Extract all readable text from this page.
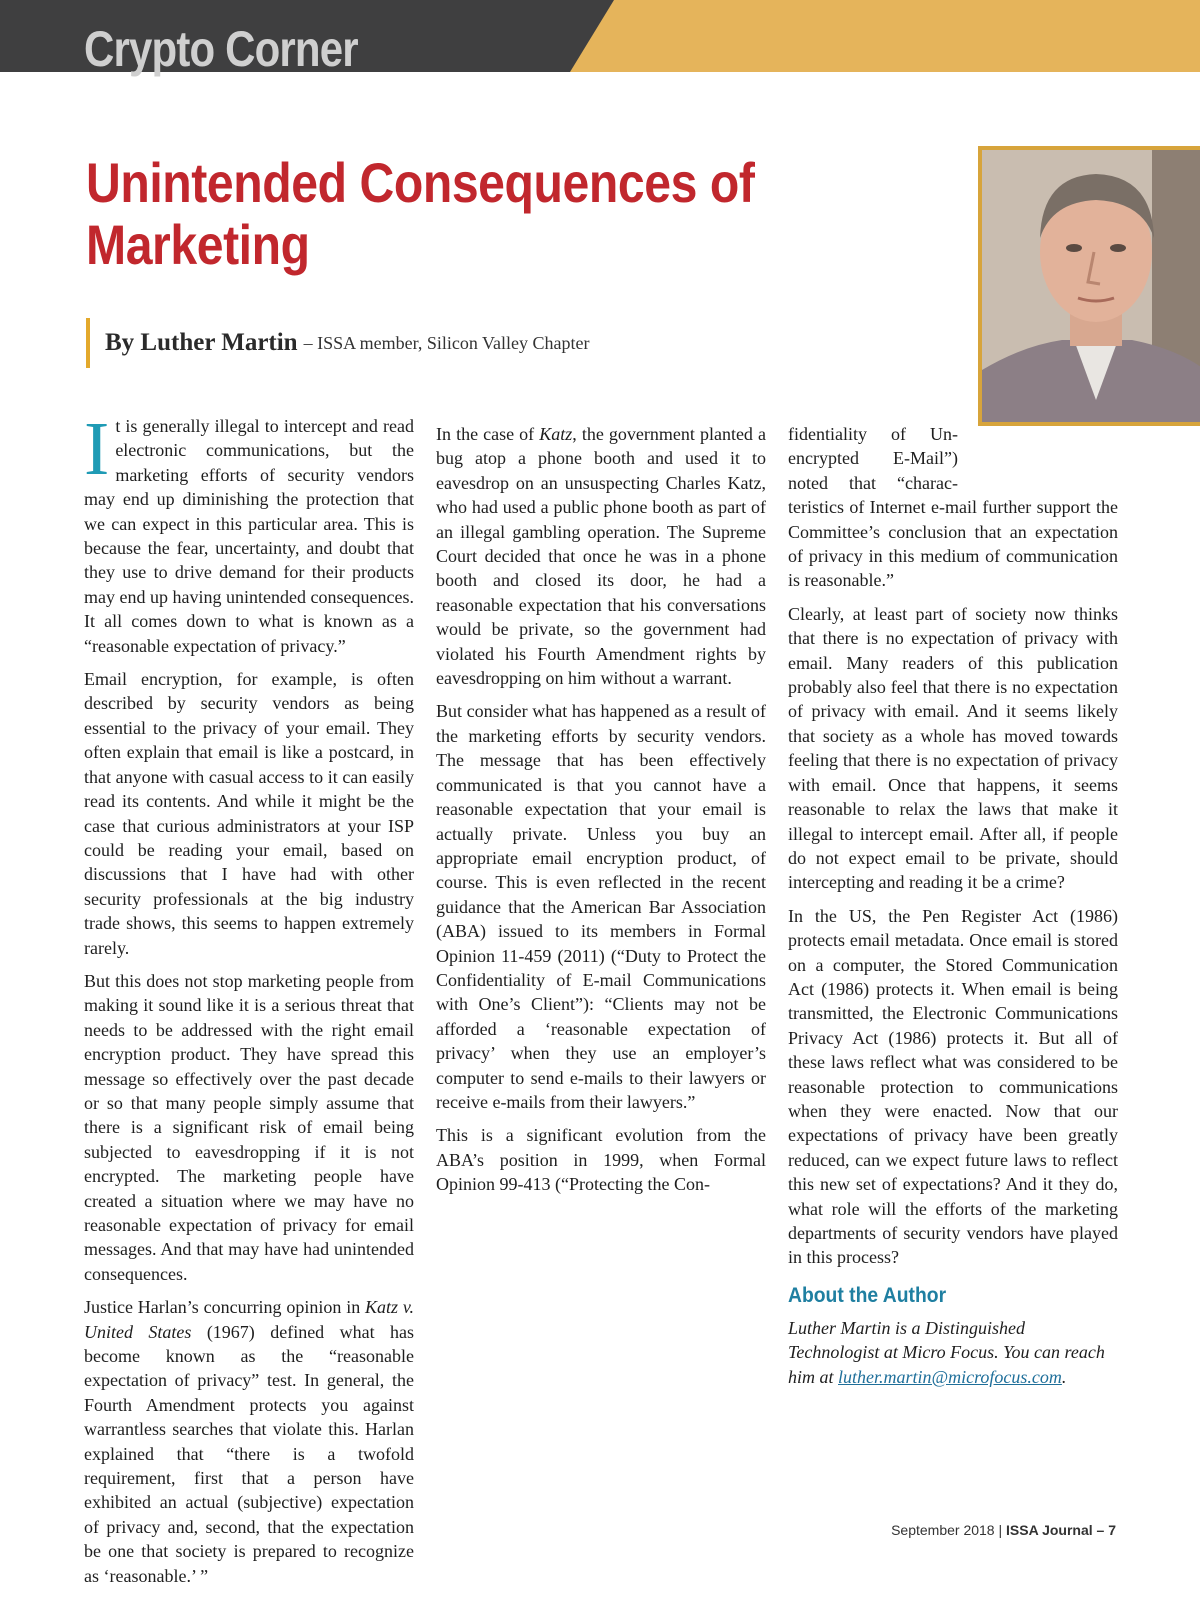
Crypto Corner
Unintended Consequences of Marketing
By Luther Martin – ISSA member, Silicon Valley Chapter

It is generally illegal to intercept and read electronic communications, but the marketing efforts of security vendors may end up diminishing the protection that we can expect in this particular area. This is because the fear, uncertainty, and doubt that they use to drive demand for their products may end up having unintended consequences. It all comes down to what is known as a “reasonable expectation of privacy.”

Email encryption, for example, is often described by security vendors as being essential to the privacy of your email. They often explain that email is like a postcard, in that anyone with casual access to it can easily read its contents. And while it might be the case that curious administrators at your ISP could be reading your email, based on discussions that I have had with other security professionals at the big industry trade shows, this seems to happen extremely rarely.

But this does not stop marketing people from making it sound like it is a serious threat that needs to be addressed with the right email encryption product. They have spread this message so effectively over the past decade or so that many people simply assume that there is a significant risk of email being subjected to eavesdropping if it is not encrypted. The marketing people have created a situation where we may have no reasonable expectation of privacy for email messages. And that may have had unintended consequences.

Justice Harlan’s concurring opinion in Katz v. United States (1967) defined what has become known as the “reasonable expectation of privacy” test. In general, the Fourth Amendment protects you against warrantless searches that violate this. Harlan explained that “there is a twofold requirement, first that a person have exhibited an actual (subjective) expectation of privacy and, second, that the expectation be one that society is prepared to recognize as ‘reasonable.’ ”

In the case of Katz, the government planted a bug atop a phone booth and used it to eavesdrop on an unsuspecting Charles Katz, who had used a public phone booth as part of an illegal gambling operation. The Supreme Court decided that once he was in a phone booth and closed its door, he had a reasonable expectation that his conversations would be private, so the government had violated his Fourth Amendment rights by eavesdropping on him without a warrant.

But consider what has happened as a result of the marketing efforts by security vendors. The message that has been effectively communicated is that you cannot have a reasonable expectation that your email is actually private. Unless you buy an appropriate email encryption product, of course. This is even reflected in the recent guidance that the American Bar Association (ABA) issued to its members in Formal Opinion 11-459 (2011) (“Duty to Protect the Confidentiality of E-mail Communications with One’s Client”): “Clients may not be afforded a ‘reasonable expectation of privacy’ when they use an employer’s computer to send e-mails to their lawyers or receive e-mails from their lawyers.”

This is a significant evolution from the ABA’s position in 1999, when Formal Opinion 99-413 (“Protecting the Con-

fidentiality of Un-
encrypted E-Mail”)
noted that “charac-
teristics of Internet e-mail further support the Committee’s conclusion that an expectation of privacy in this medium of communication is reasonable.”

Clearly, at least part of society now thinks that there is no expectation of privacy with email. Many readers of this publication probably also feel that there is no expectation of privacy with email. And it seems likely that society as a whole has moved towards feeling that there is no expectation of privacy with email. Once that happens, it seems reasonable to relax the laws that make it illegal to intercept email. After all, if people do not expect email to be private, should intercepting and reading it be a crime?

In the US, the Pen Register Act (1986) protects email metadata. Once email is stored on a computer, the Stored Communication Act (1986) protects it. When email is being transmitted, the Electronic Communications Privacy Act (1986) protects it. But all of these laws reflect what was considered to be reasonable protection to communications when they were enacted. Now that our expectations of privacy have been greatly reduced, can we expect future laws to reflect this new set of expectations? And it they do, what role will the efforts of the marketing departments of security vendors have played in this process?

About the Author

Luther Martin is a Distinguished Technologist at Micro Focus. You can reach him at luther.martin@microfocus.com.

September 2018 | ISSA Journal – 7
